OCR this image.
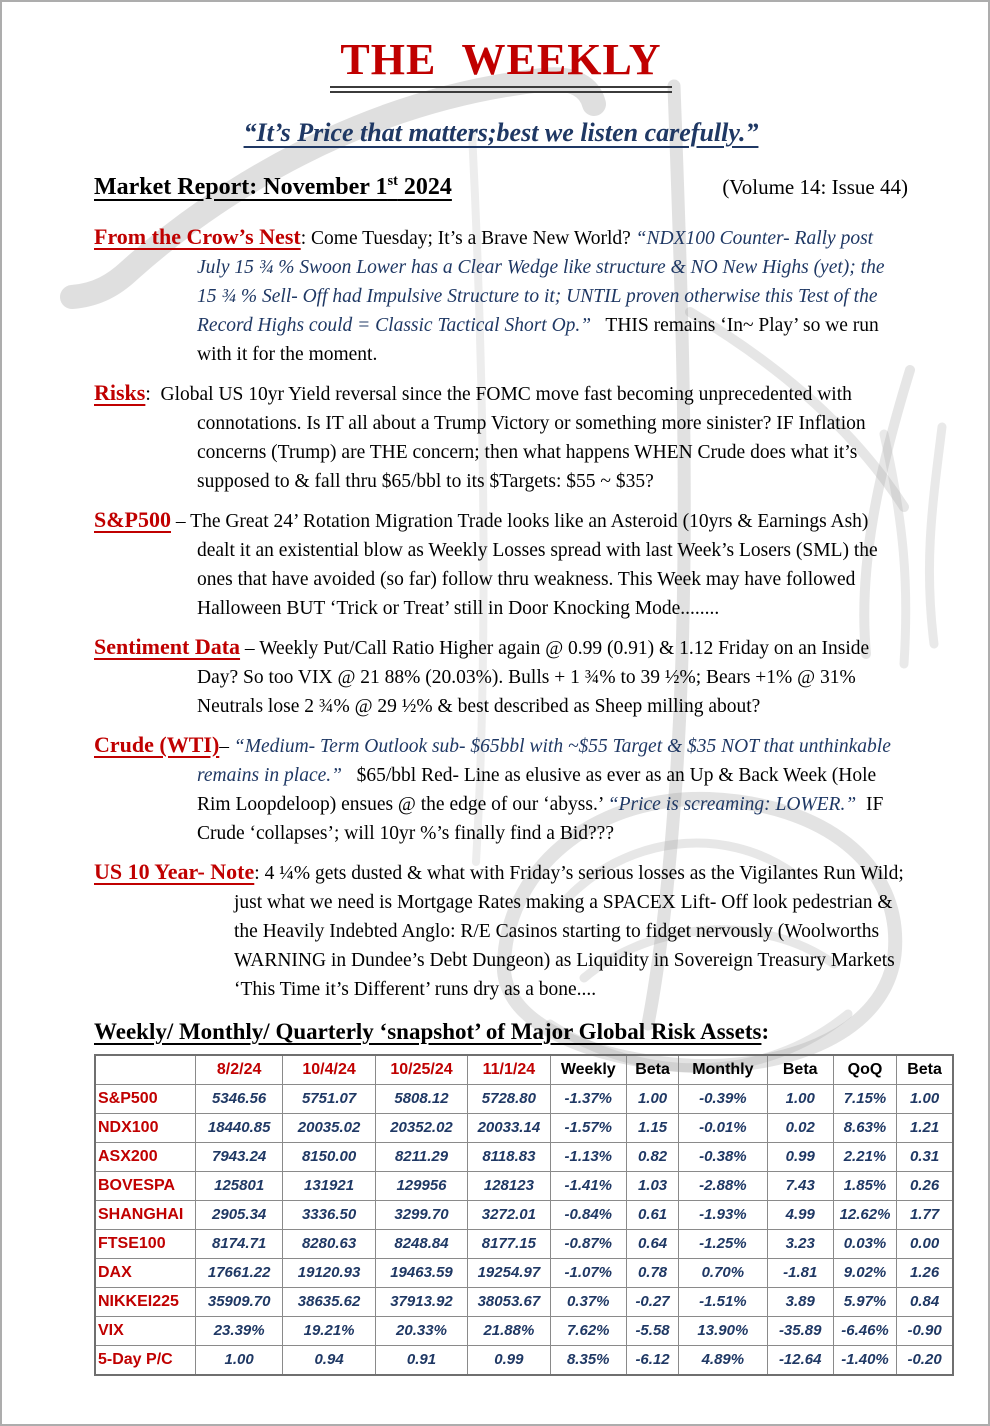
THE WEEKLY
“It’s Price that matters;best we listen carefully.”
Market Report: November 1st 2024	(Volume 14: Issue 44)

From the Crow’s Nest: Come Tuesday; It’s a Brave New World? “NDX100 Counter- Rally post July 15 ¾ % Swoon Lower has a Clear Wedge like structure & NO New Highs (yet); the 15 ¾ % Sell- Off had Impulsive Structure to it; UNTIL proven otherwise this Test of the Record Highs could = Classic Tactical Short Op.”   THIS remains ‘In~ Play’ so we run with it for the moment.

Risks:  Global US 10yr Yield reversal since the FOMC move fast becoming unprecedented with connotations. Is IT all about a Trump Victory or something more sinister? IF Inflation concerns (Trump) are THE concern; then what happens WHEN Crude does what it’s supposed to & fall thru $65/bbl to its $Targets: $55 ~ $35?

S&P500 – The Great 24’ Rotation Migration Trade looks like an Asteroid (10yrs & Earnings Ash) dealt it an existential blow as Weekly Losses spread with last Week’s Losers (SML) the ones that have avoided (so far) follow thru weakness. This Week may have followed Halloween BUT ‘Trick or Treat’ still in Door Knocking Mode........

Sentiment Data – Weekly Put/Call Ratio Higher again @ 0.99 (0.91) & 1.12 Friday on an Inside Day? So too VIX @ 21 88% (20.03%). Bulls + 1 ¾% to 39 ½%; Bears +1% @ 31% Neutrals lose 2 ¾% @ 29 ½% & best described as Sheep milling about?

Crude (WTI)– “Medium- Term Outlook sub- $65bbl with ~$55 Target & $35 NOT that unthinkable remains in place.”   $65/bbl Red- Line as elusive as ever as an Up & Back Week (Hole Rim Loopdeloop) ensues @ the edge of our ‘abyss.’ “Price is screaming: LOWER.”  IF Crude ‘collapses’; will 10yr %’s finally find a Bid???

US 10 Year- Note: 4 ¼% gets dusted & what with Friday’s serious losses as the Vigilantes Run Wild; just what we need is Mortgage Rates making a SPACEX Lift- Off look pedestrian & the Heavily Indebted Anglo: R/E Casinos starting to fidget nervously (Woolworths WARNING in Dundee’s Debt Dungeon) as Liquidity in Sovereign Treasury Markets ‘This Time it’s Different’ runs dry as a bone....

Weekly/ Monthly/ Quarterly ‘snapshot’ of Major Global Risk Assets:
	8/2/24	10/4/24	10/25/24	11/1/24	Weekly	Beta	Monthly	Beta	QoQ	Beta
S&P500	5346.56	5751.07	5808.12	5728.80	-1.37%	1.00	-0.39%	1.00	7.15%	1.00
NDX100	18440.85	20035.02	20352.02	20033.14	-1.57%	1.15	-0.01%	0.02	8.63%	1.21
ASX200	7943.24	8150.00	8211.29	8118.83	-1.13%	0.82	-0.38%	0.99	2.21%	0.31
BOVESPA	125801	131921	129956	128123	-1.41%	1.03	-2.88%	7.43	1.85%	0.26
SHANGHAI	2905.34	3336.50	3299.70	3272.01	-0.84%	0.61	-1.93%	4.99	12.62%	1.77
FTSE100	8174.71	8280.63	8248.84	8177.15	-0.87%	0.64	-1.25%	3.23	0.03%	0.00
DAX	17661.22	19120.93	19463.59	19254.97	-1.07%	0.78	0.70%	-1.81	9.02%	1.26
NIKKEI225	35909.70	38635.62	37913.92	38053.67	0.37%	-0.27	-1.51%	3.89	5.97%	0.84
VIX	23.39%	19.21%	20.33%	21.88%	7.62%	-5.58	13.90%	-35.89	-6.46%	-0.90
5-Day P/C	1.00	0.94	0.91	0.99	8.35%	-6.12	4.89%	-12.64	-1.40%	-0.20
